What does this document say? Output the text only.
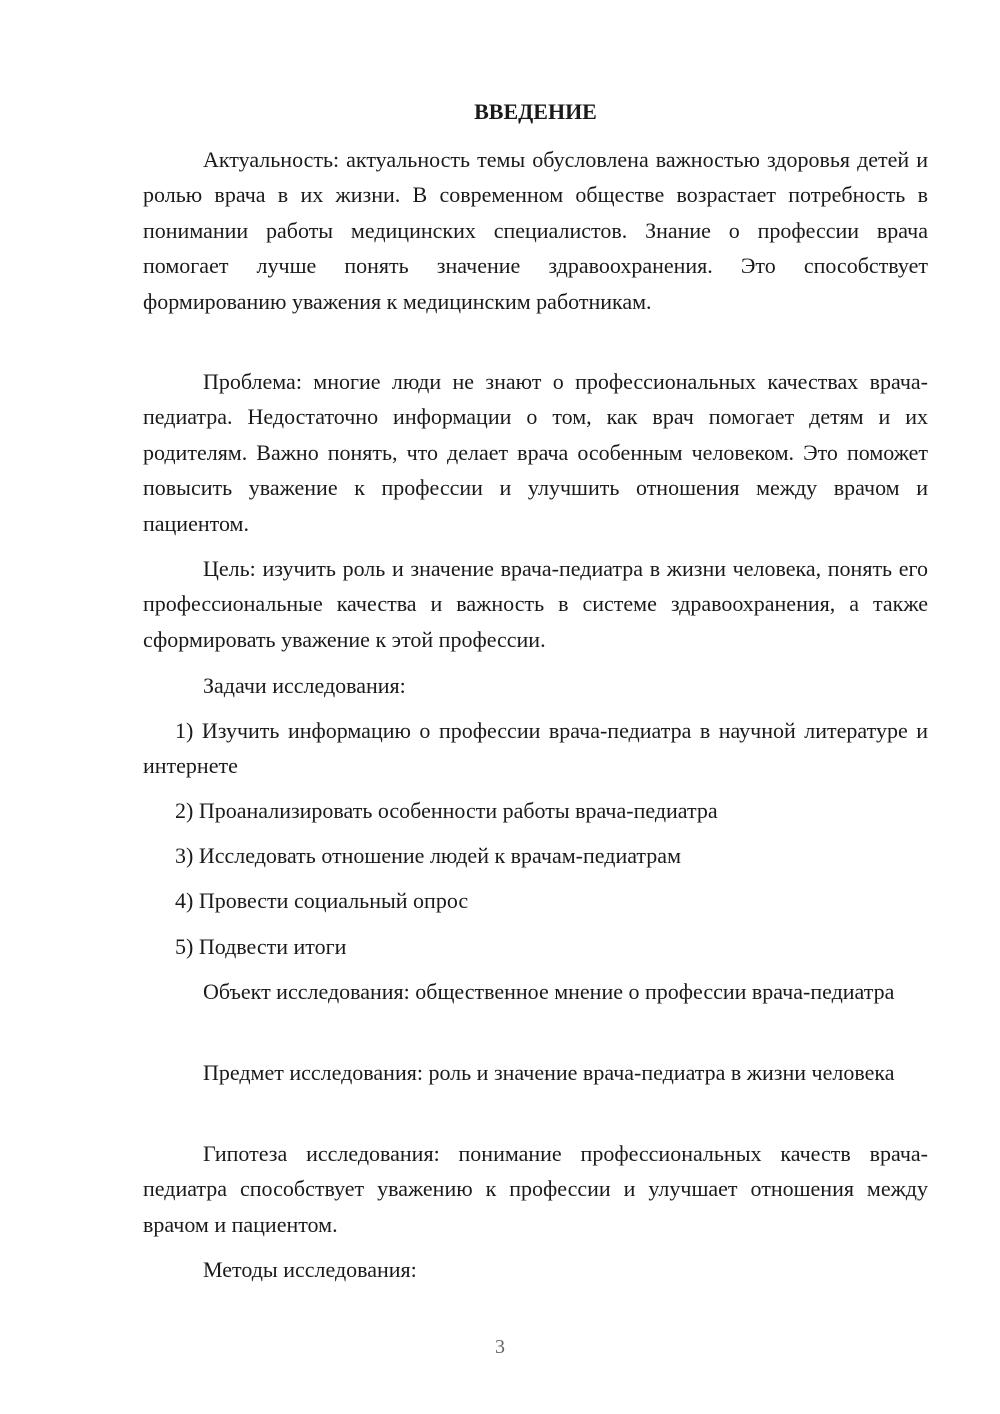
ВВЕДЕНИЕ

Актуальность: актуальность темы обусловлена важностью здоровья детей и ролью врача в их жизни. В современном обществе возрастает потребность в понимании работы медицинских специалистов. Знание о профессии врача помогает лучше понять значение здравоохранения. Это способствует формированию уважения к медицинским работникам.

Проблема: многие люди не знают о профессиональных качествах врача-педиатра. Недостаточно информации о том, как врач помогает детям и их родителям. Важно понять, что делает врача особенным человеком. Это поможет повысить уважение к профессии и улучшить отношения между врачом и пациентом.

Цель: изучить роль и значение врача-педиатра в жизни человека, понять его профессиональные качества и важность в системе здравоохранения, а также сформировать уважение к этой профессии.

Задачи исследования:

1) Изучить информацию о профессии врача-педиатра в научной литературе и интернете

2) Проанализировать особенности работы врача-педиатра

3) Исследовать отношение людей к врачам-педиатрам

4) Провести социальный опрос

5) Подвести итоги

Объект исследования: общественное мнение о профессии врача-педиатра

Предмет исследования: роль и значение врача-педиатра в жизни человека

Гипотеза исследования: понимание профессиональных качеств врача-педиатра способствует уважению к профессии и улучшает отношения между врачом и пациентом.

Методы исследования:

3
